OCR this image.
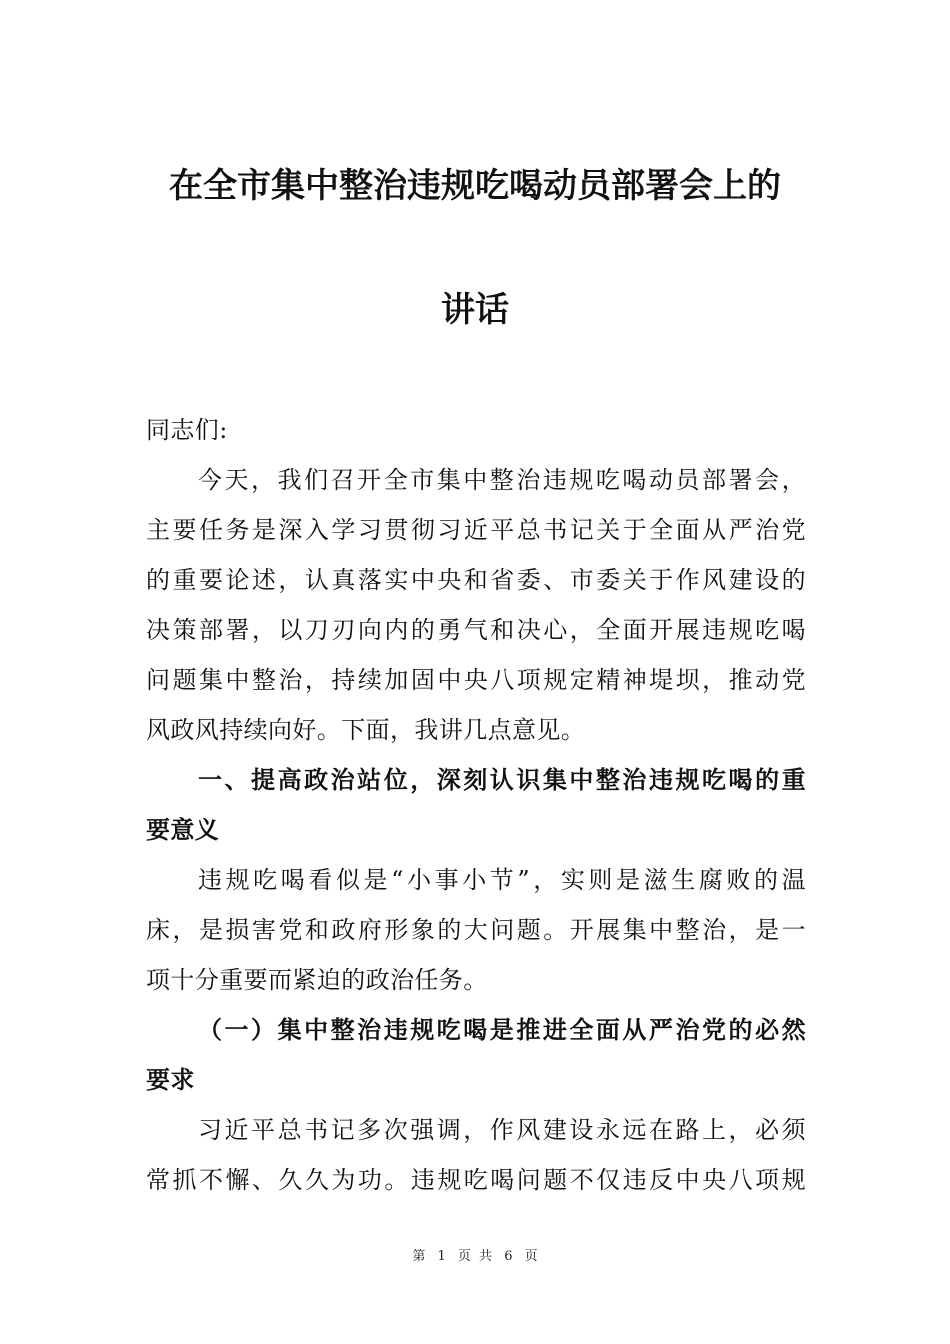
在全市集中整治违规吃喝动员部署会上的
讲话
同志们:
今天，我们召开全市集中整治违规吃喝动员部署会，
主要任务是深入学习贯彻习近平总书记关于全面从严治党
的重要论述，认真落实中央和省委、市委关于作风建设的
决策部署，以刀刃向内的勇气和决心，全面开展违规吃喝
问题集中整治，持续加固中央八项规定精神堤坝，推动党
风政风持续向好。下面，我讲几点意见。
一、提高政治站位，深刻认识集中整治违规吃喝的重
要意义
违规吃喝看似是“小事小节”，实则是滋生腐败的温
床，是损害党和政府形象的大问题。开展集中整治，是一
项十分重要而紧迫的政治任务。
（一）集中整治违规吃喝是推进全面从严治党的必然
要求
习近平总书记多次强调，作风建设永远在路上，必须
常抓不懈、久久为功。违规吃喝问题不仅违反中央八项规
第 1 页 共 6 页
